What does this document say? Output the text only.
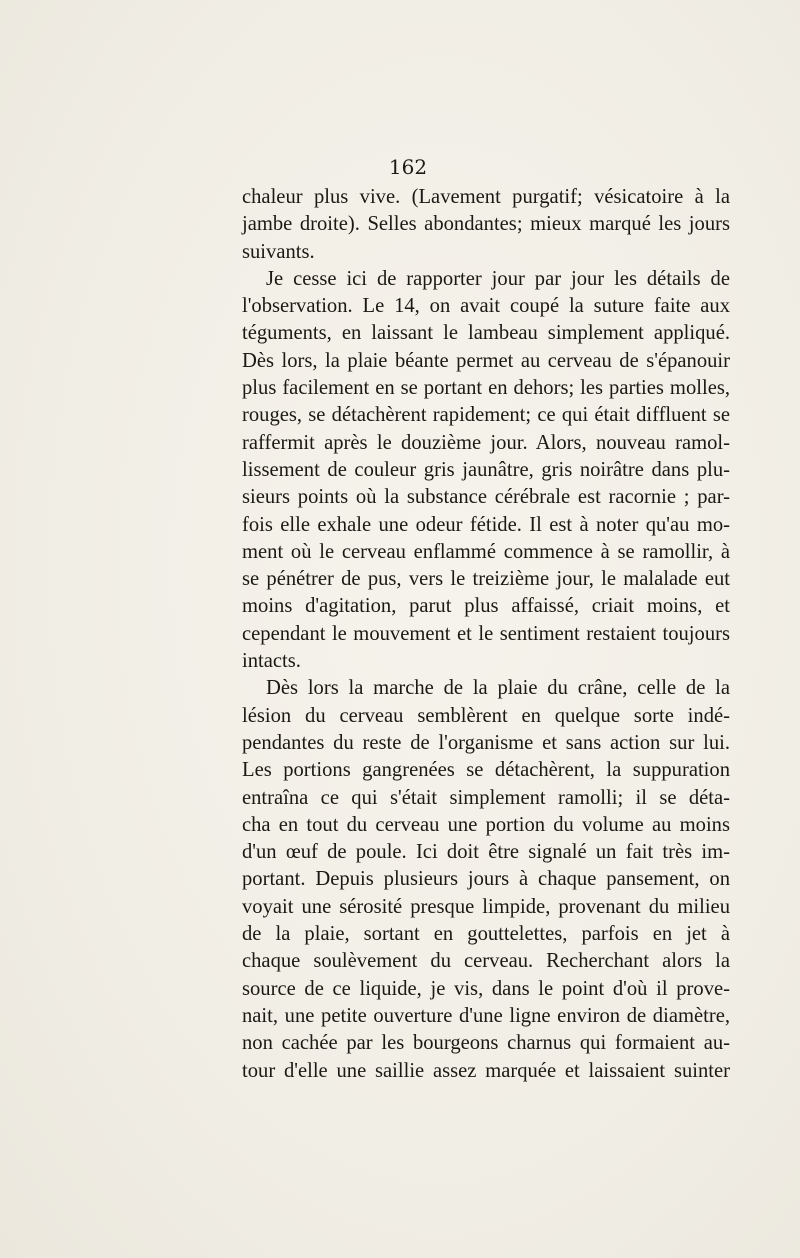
162
chaleur plus vive. (Lavement purgatif; vésicatoire à la
jambe droite). Selles abondantes; mieux marqué les jours
suivants.
Je cesse ici de rapporter jour par jour les détails de
l'observation. Le 14, on avait coupé la suture faite aux
téguments, en laissant le lambeau simplement appliqué.
Dès lors, la plaie béante permet au cerveau de s'épanouir
plus facilement en se portant en dehors; les parties molles,
rouges, se détachèrent rapidement; ce qui était diffluent se
raffermit après le douzième jour. Alors, nouveau ramol-
lissement de couleur gris jaunâtre, gris noirâtre dans plu-
sieurs points où la substance cérébrale est racornie ; par-
fois elle exhale une odeur fétide. Il est à noter qu'au mo-
ment où le cerveau enflammé commence à se ramollir, à
se pénétrer de pus, vers le treizième jour, le malalade eut
moins d'agitation, parut plus affaissé, criait moins, et
cependant le mouvement et le sentiment restaient toujours
intacts.
Dès lors la marche de la plaie du crâne, celle de la
lésion du cerveau semblèrent en quelque sorte indé-
pendantes du reste de l'organisme et sans action sur lui.
Les portions gangrenées se détachèrent, la suppuration
entraîna ce qui s'était simplement ramolli; il se déta-
cha en tout du cerveau une portion du volume au moins
d'un œuf de poule. Ici doit être signalé un fait très im-
portant. Depuis plusieurs jours à chaque pansement, on
voyait une sérosité presque limpide, provenant du milieu
de la plaie, sortant en gouttelettes, parfois en jet à
chaque soulèvement du cerveau. Recherchant alors la
source de ce liquide, je vis, dans le point d'où il prove-
nait, une petite ouverture d'une ligne environ de diamètre,
non cachée par les bourgeons charnus qui formaient au-
tour d'elle une saillie assez marquée et laissaient suinter
